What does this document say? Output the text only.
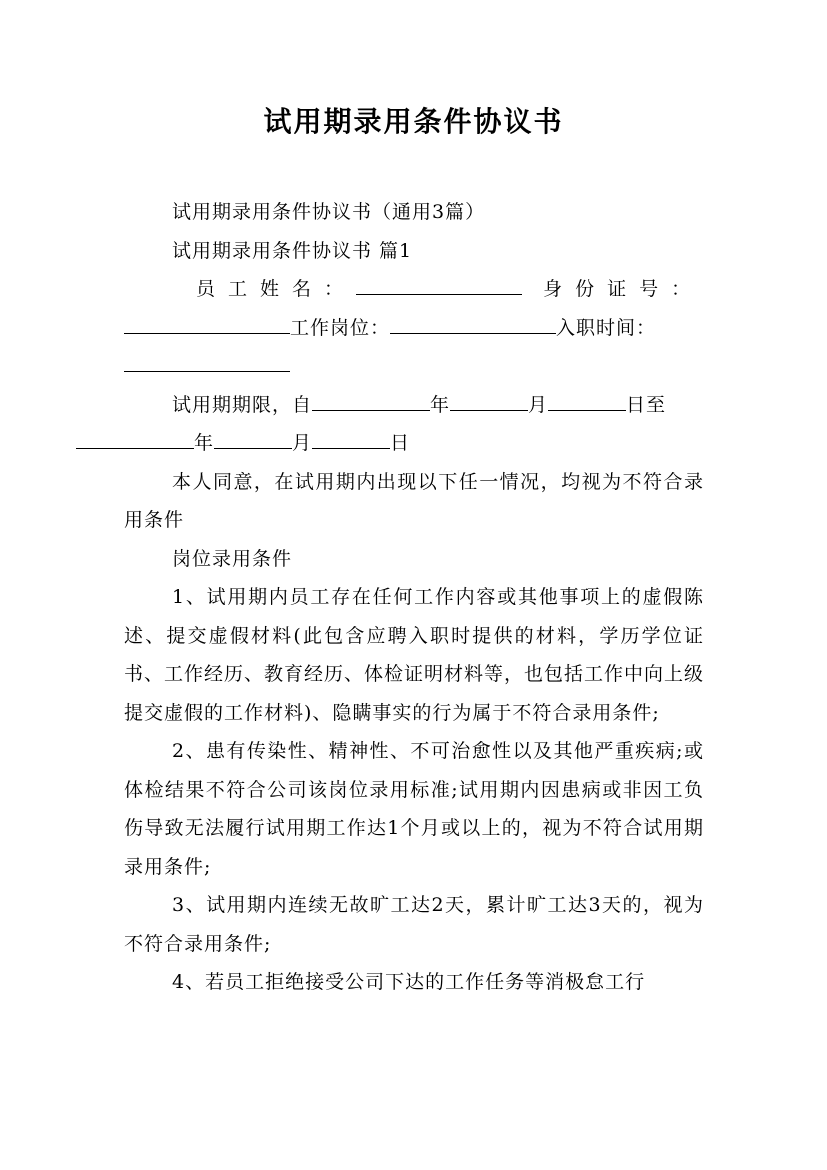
试用期录用条件协议书

试用期录用条件协议书（通用3篇）

试用期录用条件协议书 篇1

员工姓名：	身份证号：
工作岗位：	入职时间：

试用期期限，自	年	月	日至
年	月	日

本人同意，在试用期内出现以下任一情况，均视为不符合录用条件

岗位录用条件

1、试用期内员工存在任何工作内容或其他事项上的虚假陈述、提交虚假材料(此包含应聘入职时提供的材料，学历学位证书、工作经历、教育经历、体检证明材料等，也包括工作中向上级提交虚假的工作材料)、隐瞒事实的行为属于不符合录用条件;

2、患有传染性、精神性、不可治愈性以及其他严重疾病;或体检结果不符合公司该岗位录用标准;试用期内因患病或非因工负伤导致无法履行试用期工作达1个月或以上的，视为不符合试用期录用条件;

3、试用期内连续无故旷工达2天，累计旷工达3天的，视为不符合录用条件;

4、若员工拒绝接受公司下达的工作任务等消极怠工行
